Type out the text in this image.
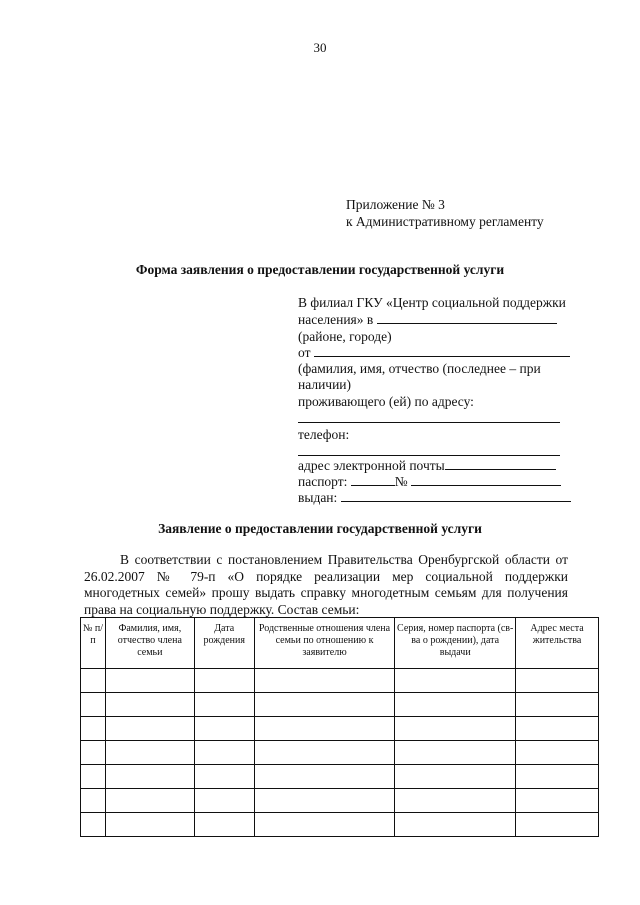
30
Приложение № 3
к Административному регламенту
Форма заявления о предоставлении государственной услуги
В филиал ГКУ «Центр социальной поддержки
населения» в
(районе, городе)
от
(фамилия, имя, отчество (последнее – при
наличии)
проживающего (ей) по адресу:
телефон:
адрес электронной почты
паспорт:	№
выдан:
Заявление о предоставлении государственной услуги
В соответствии с постановлением Правительства Оренбургской области от 26.02.2007 № 79-п «О порядке реализации мер социальной поддержки многодетных семей» прошу выдать справку многодетным семьям для получения права на социальную поддержку. Состав семьи:
№ п/п	Фамилия, имя, отчество члена семьи	Дата рождения	Родственные отношения члена семьи по отношению к заявителю	Серия, номер паспорта (св-ва о рождении), дата выдачи	Адрес места жительства
